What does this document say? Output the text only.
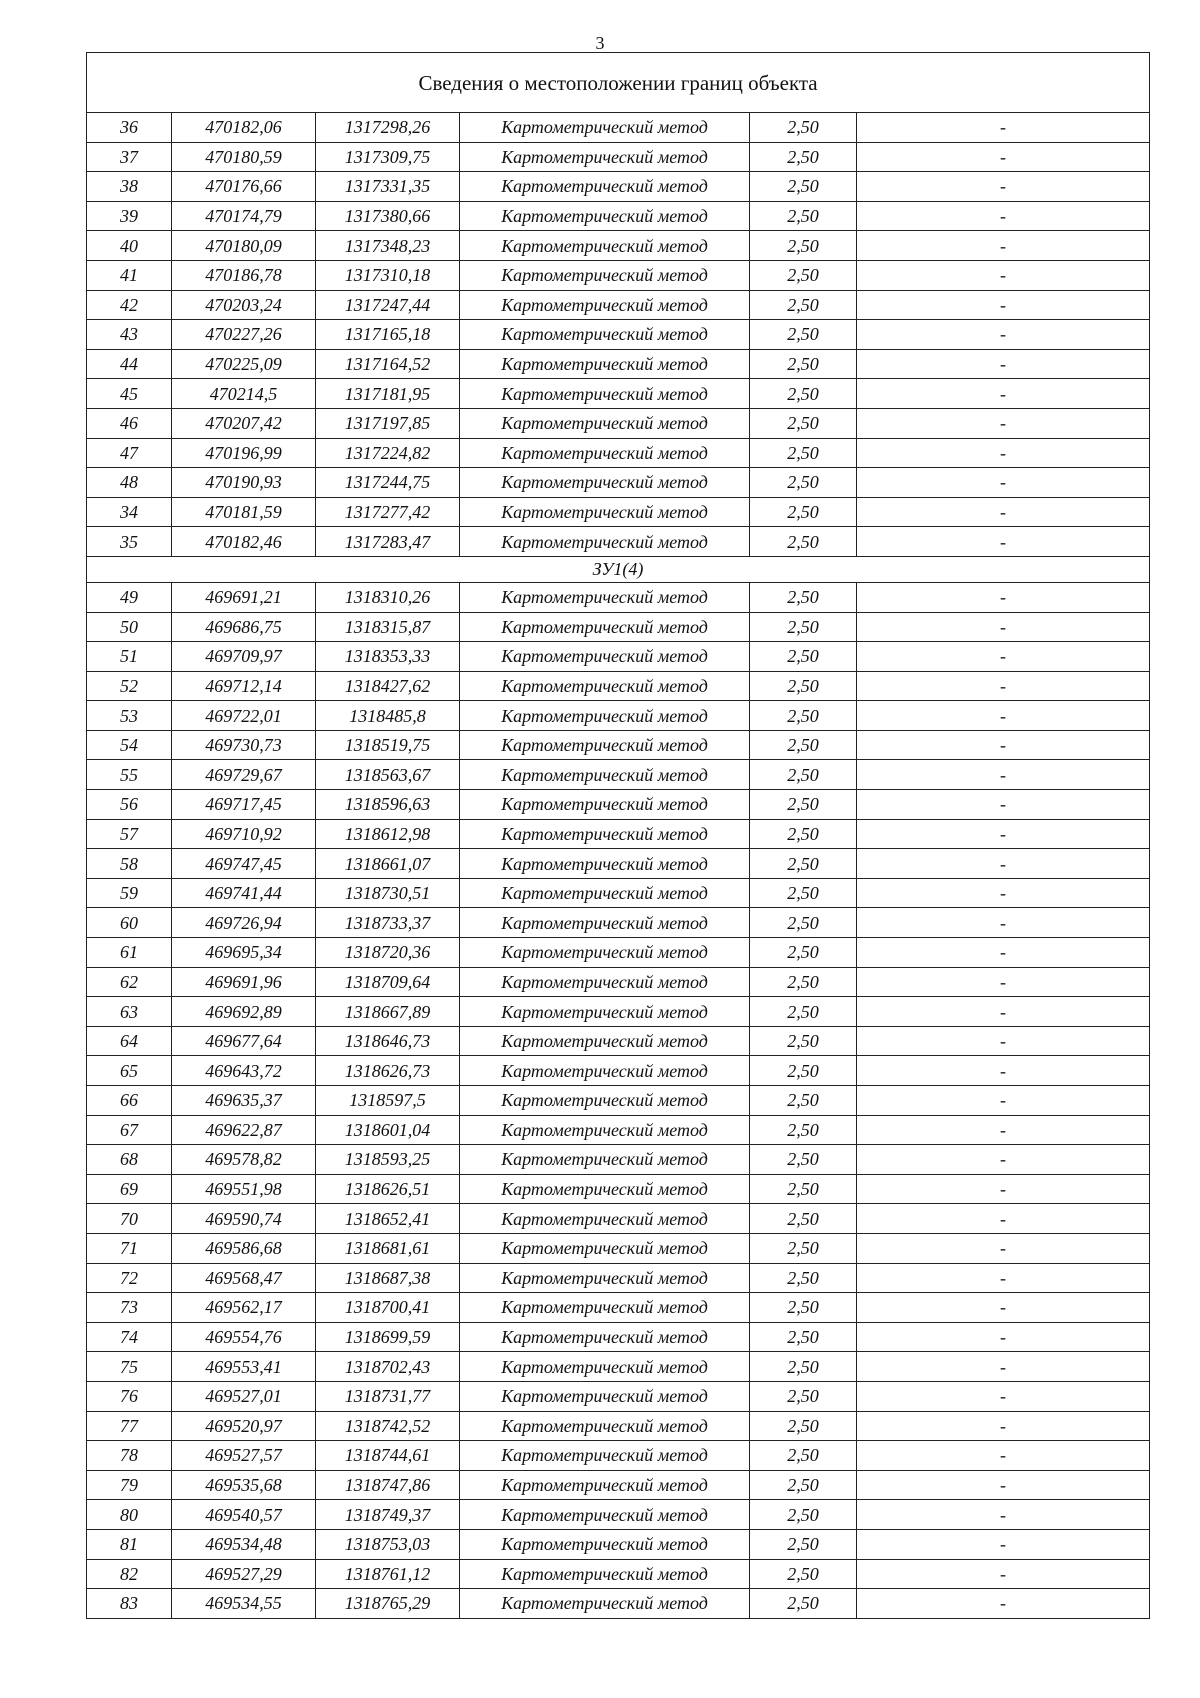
3
Сведения о местоположении границ объекта					
36	470182,06	1317298,26	Картометрический метод	2,50	-
37	470180,59	1317309,75	Картометрический метод	2,50	-
38	470176,66	1317331,35	Картометрический метод	2,50	-
39	470174,79	1317380,66	Картометрический метод	2,50	-
40	470180,09	1317348,23	Картометрический метод	2,50	-
41	470186,78	1317310,18	Картометрический метод	2,50	-
42	470203,24	1317247,44	Картометрический метод	2,50	-
43	470227,26	1317165,18	Картометрический метод	2,50	-
44	470225,09	1317164,52	Картометрический метод	2,50	-
45	470214,5	1317181,95	Картометрический метод	2,50	-
46	470207,42	1317197,85	Картометрический метод	2,50	-
47	470196,99	1317224,82	Картометрический метод	2,50	-
48	470190,93	1317244,75	Картометрический метод	2,50	-
34	470181,59	1317277,42	Картометрический метод	2,50	-
35	470182,46	1317283,47	Картометрический метод	2,50	-
ЗУ1(4)					
49	469691,21	1318310,26	Картометрический метод	2,50	-
50	469686,75	1318315,87	Картометрический метод	2,50	-
51	469709,97	1318353,33	Картометрический метод	2,50	-
52	469712,14	1318427,62	Картометрический метод	2,50	-
53	469722,01	1318485,8	Картометрический метод	2,50	-
54	469730,73	1318519,75	Картометрический метод	2,50	-
55	469729,67	1318563,67	Картометрический метод	2,50	-
56	469717,45	1318596,63	Картометрический метод	2,50	-
57	469710,92	1318612,98	Картометрический метод	2,50	-
58	469747,45	1318661,07	Картометрический метод	2,50	-
59	469741,44	1318730,51	Картометрический метод	2,50	-
60	469726,94	1318733,37	Картометрический метод	2,50	-
61	469695,34	1318720,36	Картометрический метод	2,50	-
62	469691,96	1318709,64	Картометрический метод	2,50	-
63	469692,89	1318667,89	Картометрический метод	2,50	-
64	469677,64	1318646,73	Картометрический метод	2,50	-
65	469643,72	1318626,73	Картометрический метод	2,50	-
66	469635,37	1318597,5	Картометрический метод	2,50	-
67	469622,87	1318601,04	Картометрический метод	2,50	-
68	469578,82	1318593,25	Картометрический метод	2,50	-
69	469551,98	1318626,51	Картометрический метод	2,50	-
70	469590,74	1318652,41	Картометрический метод	2,50	-
71	469586,68	1318681,61	Картометрический метод	2,50	-
72	469568,47	1318687,38	Картометрический метод	2,50	-
73	469562,17	1318700,41	Картометрический метод	2,50	-
74	469554,76	1318699,59	Картометрический метод	2,50	-
75	469553,41	1318702,43	Картометрический метод	2,50	-
76	469527,01	1318731,77	Картометрический метод	2,50	-
77	469520,97	1318742,52	Картометрический метод	2,50	-
78	469527,57	1318744,61	Картометрический метод	2,50	-
79	469535,68	1318747,86	Картометрический метод	2,50	-
80	469540,57	1318749,37	Картометрический метод	2,50	-
81	469534,48	1318753,03	Картометрический метод	2,50	-
82	469527,29	1318761,12	Картометрический метод	2,50	-
83	469534,55	1318765,29	Картометрический метод	2,50	-
